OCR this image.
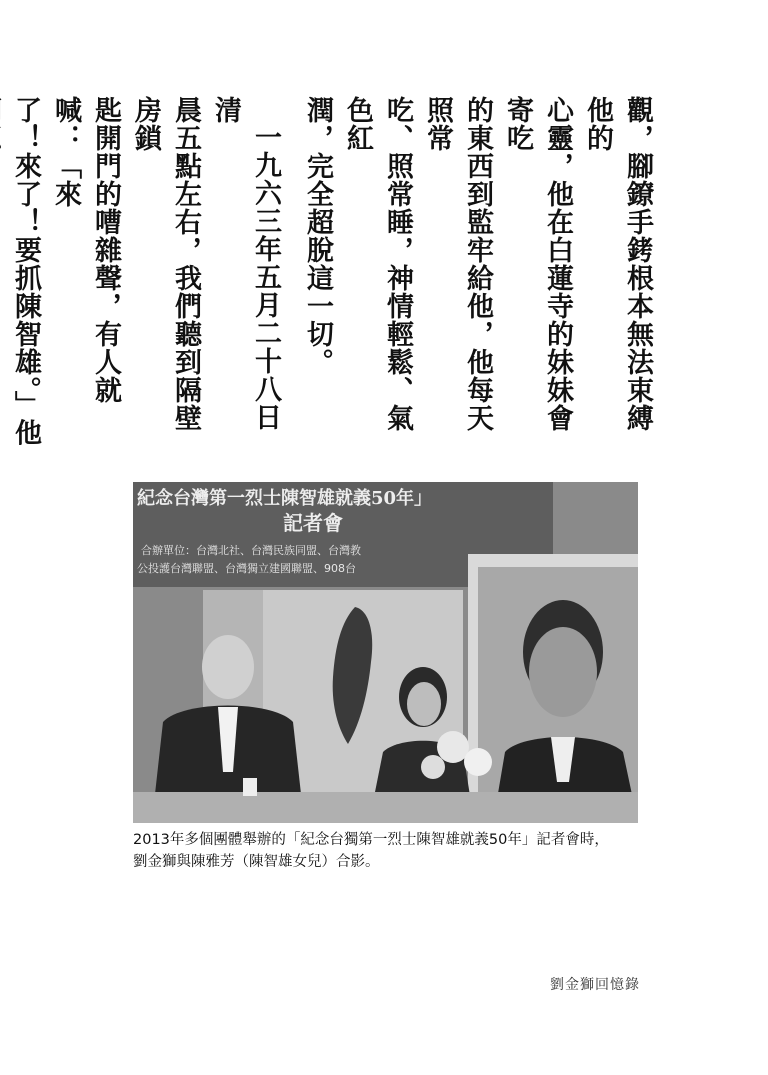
觀，腳鐐手銬根本無法束縛他的
心靈，他在白蓮寺的妹妹會寄吃
的東西到監牢給他，他每天照常
吃、照常睡，神情輕鬆、氣色紅
潤，完全超脫這一切。

一九六三年五月二十八日清
晨五點左右，我們聽到隔壁房鎖
匙開門的嘈雜聲，有人就喊：「來
了！來了！要抓陳智雄。」他

紀念台灣第一烈士陳智雄就義50年」
記者會
合辦單位：台灣北社、台灣民族同盟、台灣教
公投護台灣聯盟、台灣獨立建國聯盟、908台
2013年多個團體舉辦的「紀念台獨第一烈士陳智雄就義50年」記者會時，
劉金獅與陳雅芳（陳智雄女兒）合影。
劉金獅回憶錄
